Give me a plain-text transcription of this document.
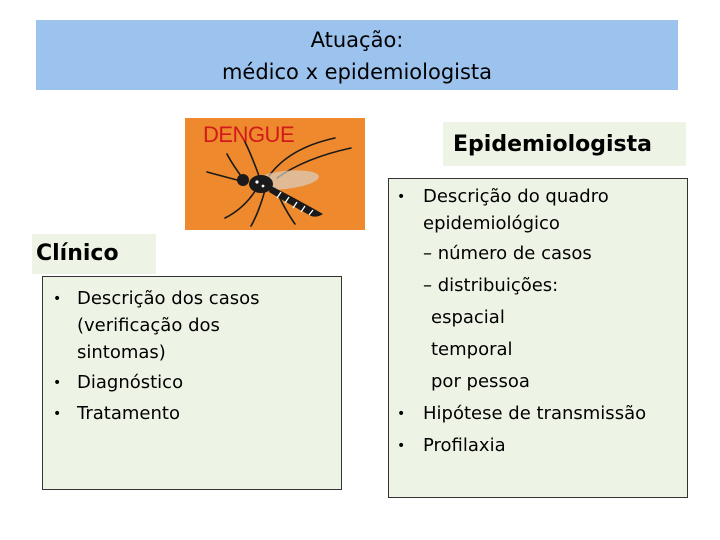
Atuação:
médico x epidemiologista
DENGUE	Epidemiologista
Clínico
• Descrição dos casos
(verificação dos
sintomas)
• Diagnóstico
• Tratamento
• Descrição do quadro
epidemiológico
– número de casos
– distribuições:
espacial
temporal
por pessoa
• Hipótese de transmissão
• Profilaxia
